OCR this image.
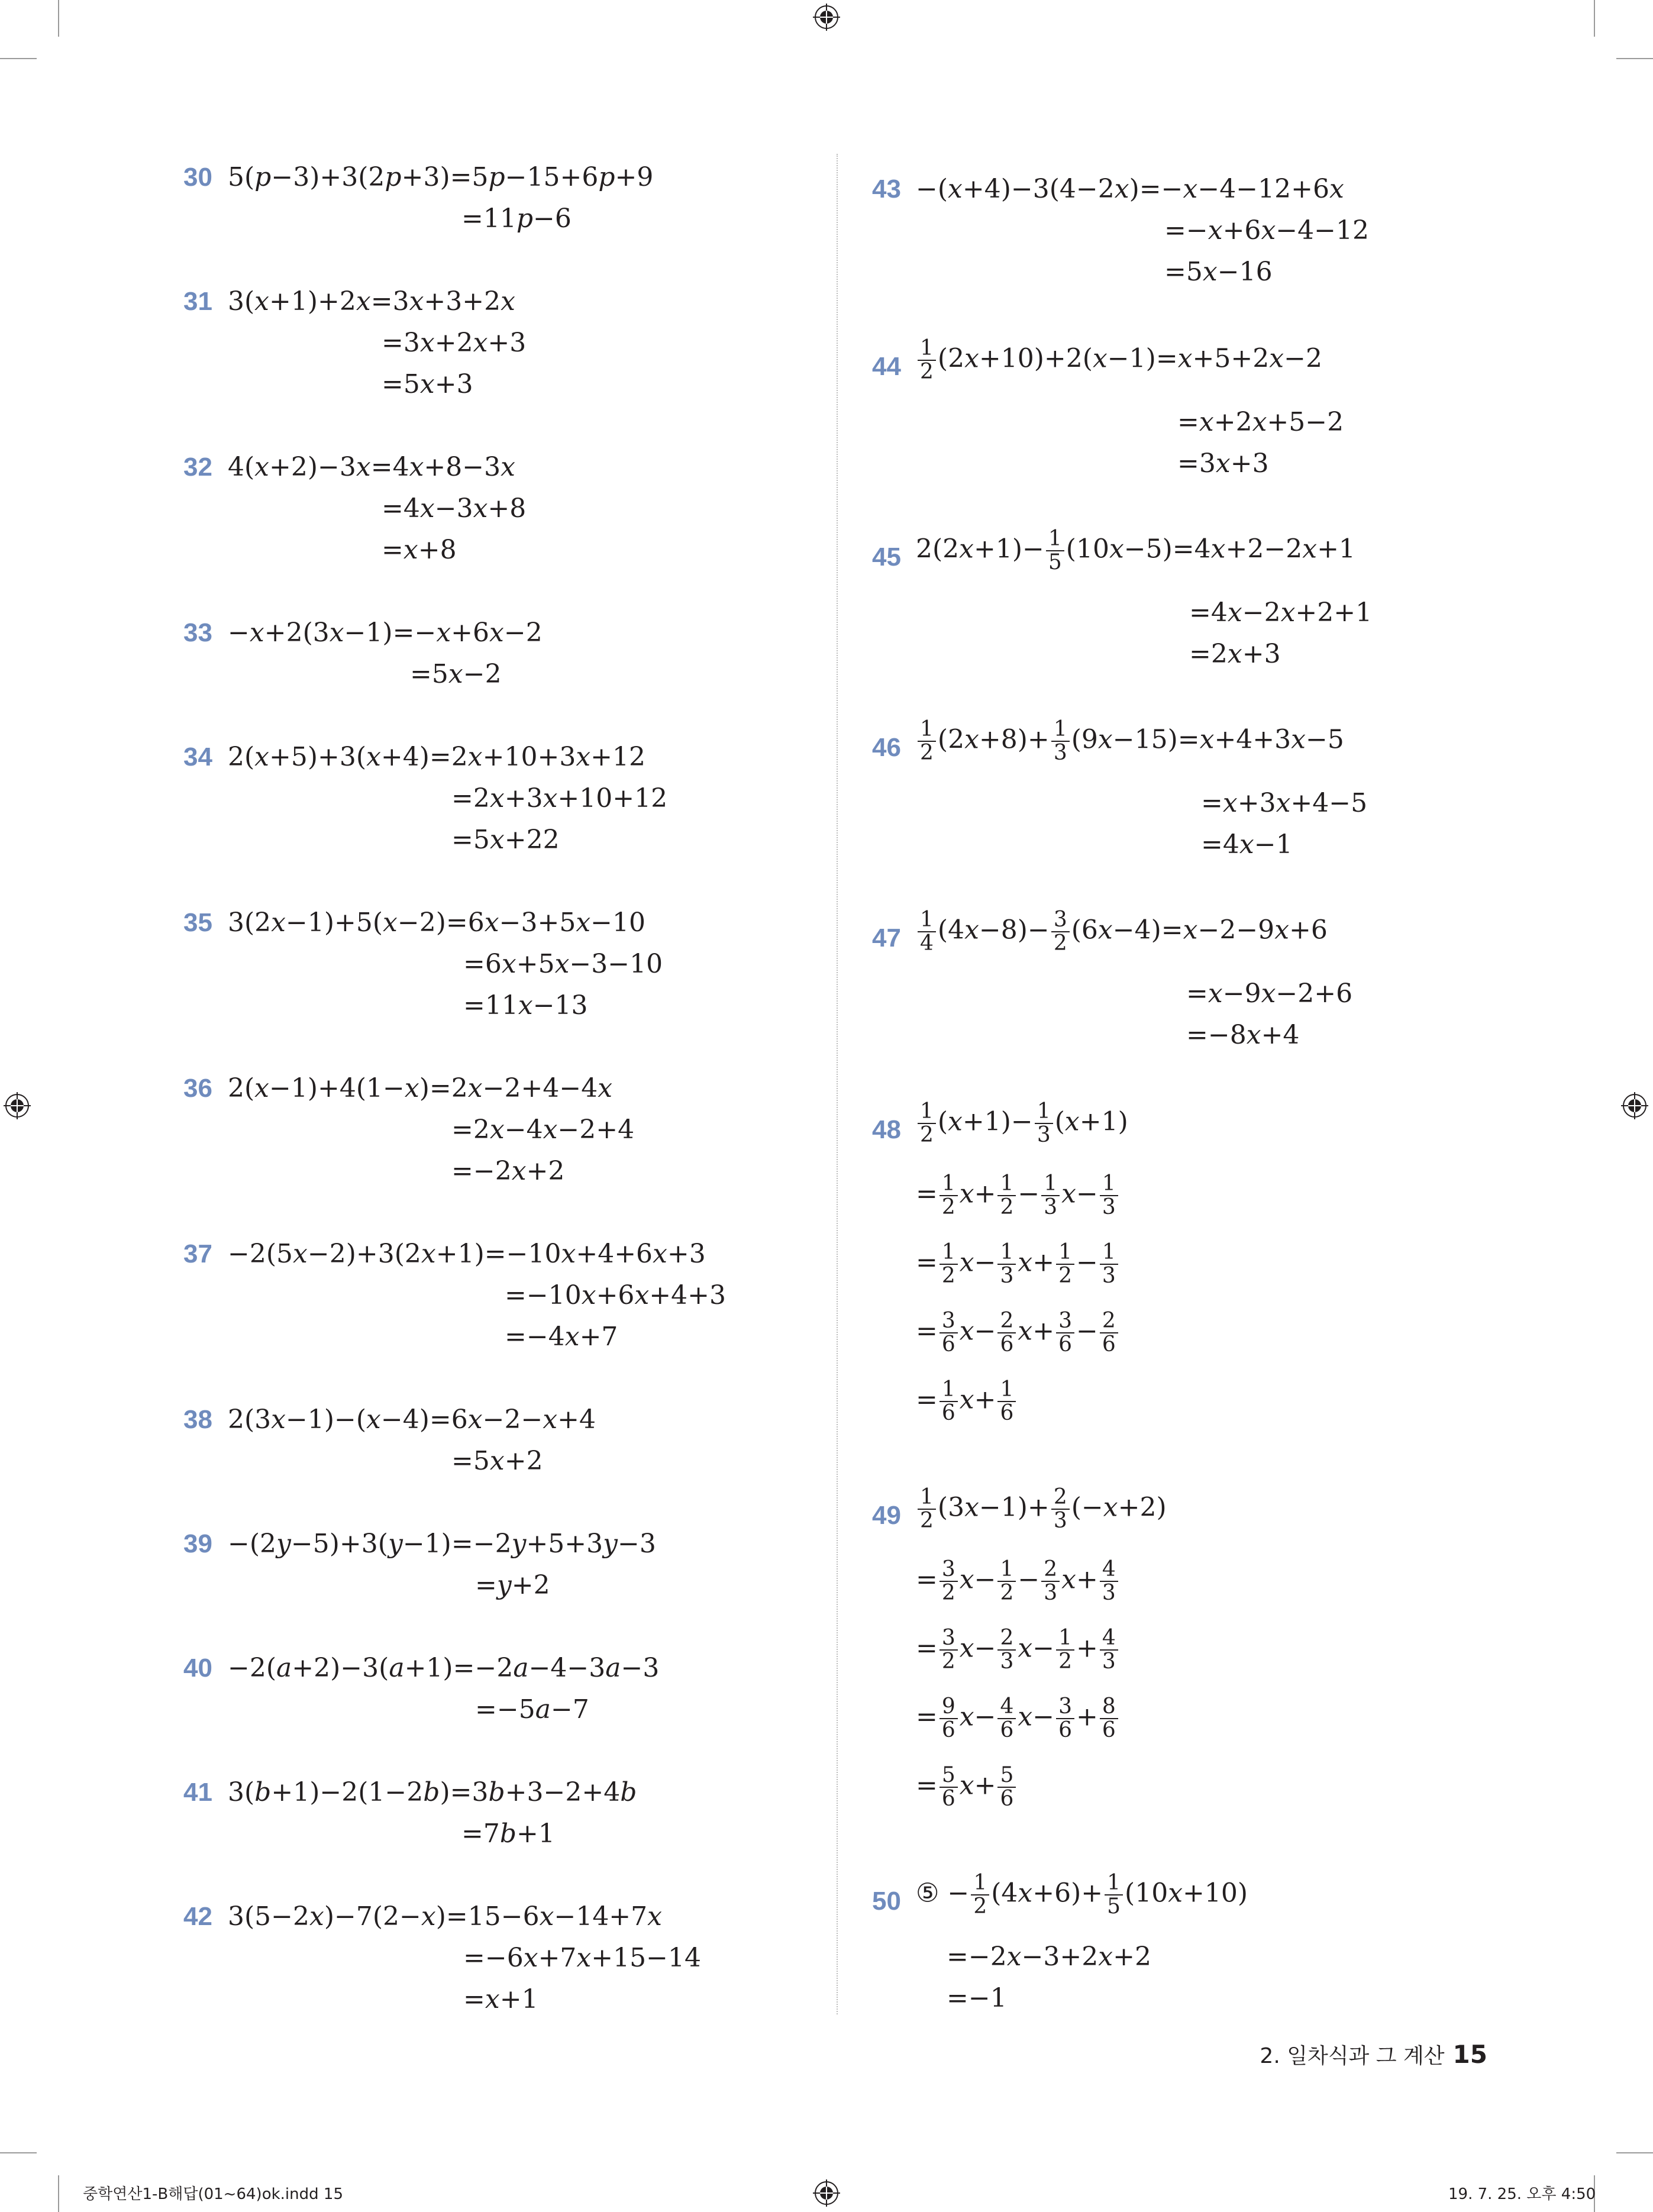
30 5(p−3)+3(2p+3)=5p−15+6p+9
=11p−6
31 3(x+1)+2x=3x+3+2x
=3x+2x+3
=5x+3
32 4(x+2)−3x=4x+8−3x
=4x−3x+8
=x+8
33 −x+2(3x−1)=−x+6x−2
=5x−2
34 2(x+5)+3(x+4)=2x+10+3x+12
=2x+3x+10+12
=5x+22
35 3(2x−1)+5(x−2)=6x−3+5x−10
=6x+5x−3−10
=11x−13
36 2(x−1)+4(1−x)=2x−2+4−4x
=2x−4x−2+4
=−2x+2
37 −2(5x−2)+3(2x+1)=−10x+4+6x+3
=−10x+6x+4+3
=−4x+7
38 2(3x−1)−(x−4)=6x−2−x+4
=5x+2
39 −(2y−5)+3(y−1)=−2y+5+3y−3
=y+2
40 −2(a+2)−3(a+1)=−2a−4−3a−3
=−5a−7
41 3(b+1)−2(1−2b)=3b+3−2+4b
=7b+1
42 3(5−2x)−7(2−x)=15−6x−14+7x
=−6x+7x+15−14
=x+1
43 −(x+4)−3(4−2x)=−x−4−12+6x
=−x+6x−4−12
=5x−16
$44 \frac{1}{2} (2x+10)+2(x-1)=x+5+2x-2$
=x+2x+5−2
=3x+3
45 $2(2x+1)- \frac{1}{5} (10x-5)=4x+2-2x+1$
=4x−2x+2+1
=2x+3
$46 \frac{1}{2} (2x+8)+ \frac{1}{3} (9x-15)=x+4+3x-5$
=x+3x+4−5
=4x−1
$47 \frac{1}{4} (4x-8)- \frac{3}{2} (6x-4)=x-2-9x+6$
=x−9x−2+6
=−8x+4
$48 \frac{1}{2} (x+1)- \frac{1}{3} (x+1)$
= $\frac{1}{2} x+ \frac{1}{2} - \frac{1}{3} x- \frac{1}{3}$
= $\frac{1}{2} x- \frac{1}{3} x+ \frac{1}{2} - \frac{1}{3}$
= $\frac{3}{6} x- \frac{2}{6} x+ \frac{3}{6} - \frac{2}{6}$
= $\frac{1}{6} x+ \frac{1}{6}$
$49 \frac{1}{2} (3x-1)+ \frac{2}{3} (-x+2)$
= $\frac{3}{2} x- \frac{1}{2} - \frac{2}{3} x+ \frac{4}{3}$
= $\frac{3}{2} x- \frac{2}{3} x- \frac{1}{2} + \frac{4}{3}$
= $\frac{9}{6} x- \frac{4}{6} x- \frac{3}{6} + \frac{8}{6}$
= $\frac{5}{6} x+ \frac{5}{6}$
50 ⑤ − $\frac{1}{2} (4x+6)+ \frac{1}{5} (10x+10)$
=−2x−3+2x+2
=−1
2. 일차식과 그 계산 15
중학연산1-B해답(01~64)ok.indd 15	19. 7. 25. 오후 4:50
